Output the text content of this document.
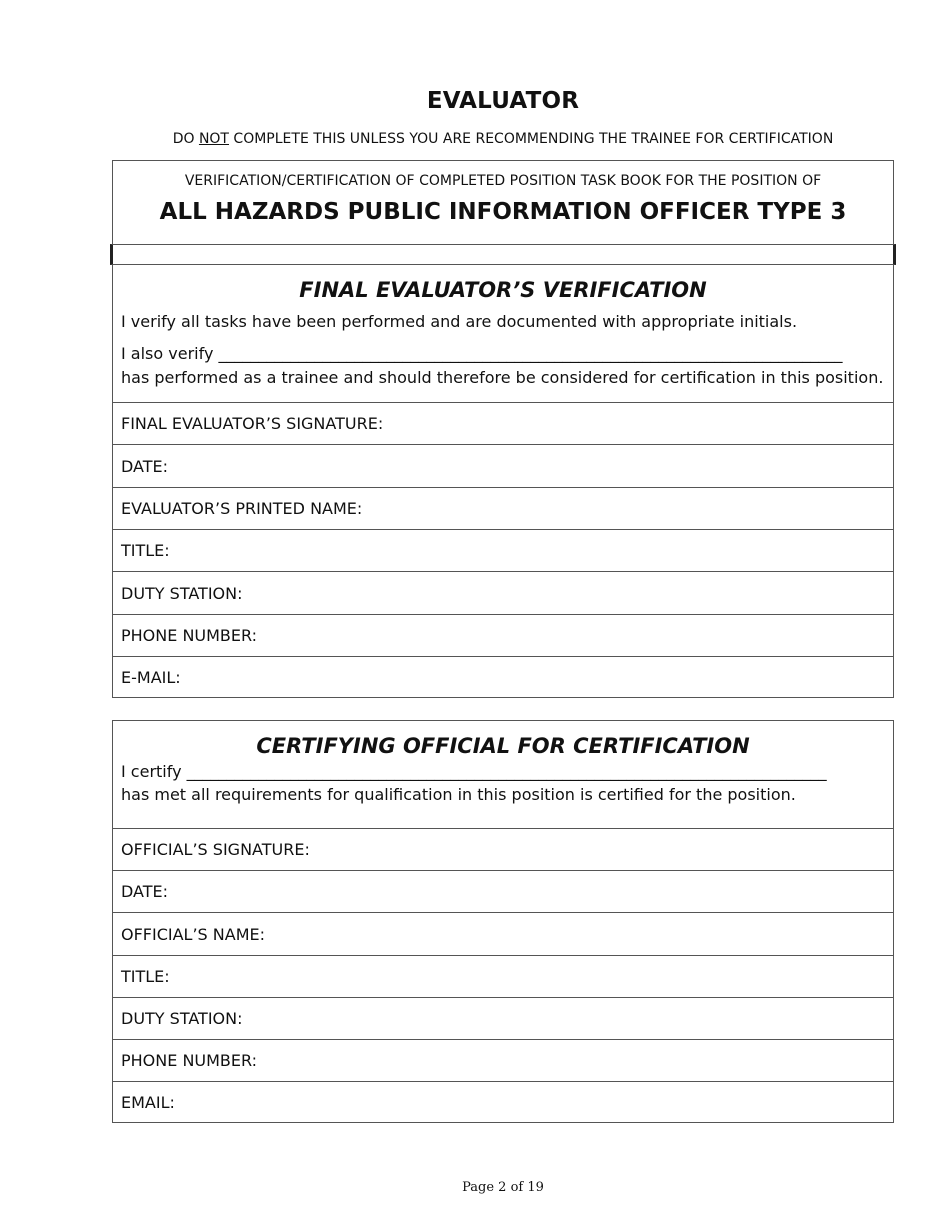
EVALUATOR
DO NOT COMPLETE THIS UNLESS YOU ARE RECOMMENDING THE TRAINEE FOR CERTIFICATION
VERIFICATION/CERTIFICATION OF COMPLETED POSITION TASK BOOK FOR THE POSITION OF
ALL HAZARDS PUBLIC INFORMATION OFFICER TYPE 3
FINAL EVALUATOR’S VERIFICATION
I verify all tasks have been performed and are documented with appropriate initials.
I also verify ______________________________________________________________________________
has performed as a trainee and should therefore be considered for certification in this position.
FINAL EVALUATOR’S SIGNATURE:
DATE:
EVALUATOR’S PRINTED NAME:
TITLE:
DUTY STATION:
PHONE NUMBER:
E-MAIL:
CERTIFYING OFFICIAL FOR CERTIFICATION
I certify ________________________________________________________________________________
has met all requirements for qualification in this position is certified for the position.
OFFICIAL’S SIGNATURE:
DATE:
OFFICIAL’S NAME:
TITLE:
DUTY STATION:
PHONE NUMBER:
EMAIL:
Page 2 of 19
